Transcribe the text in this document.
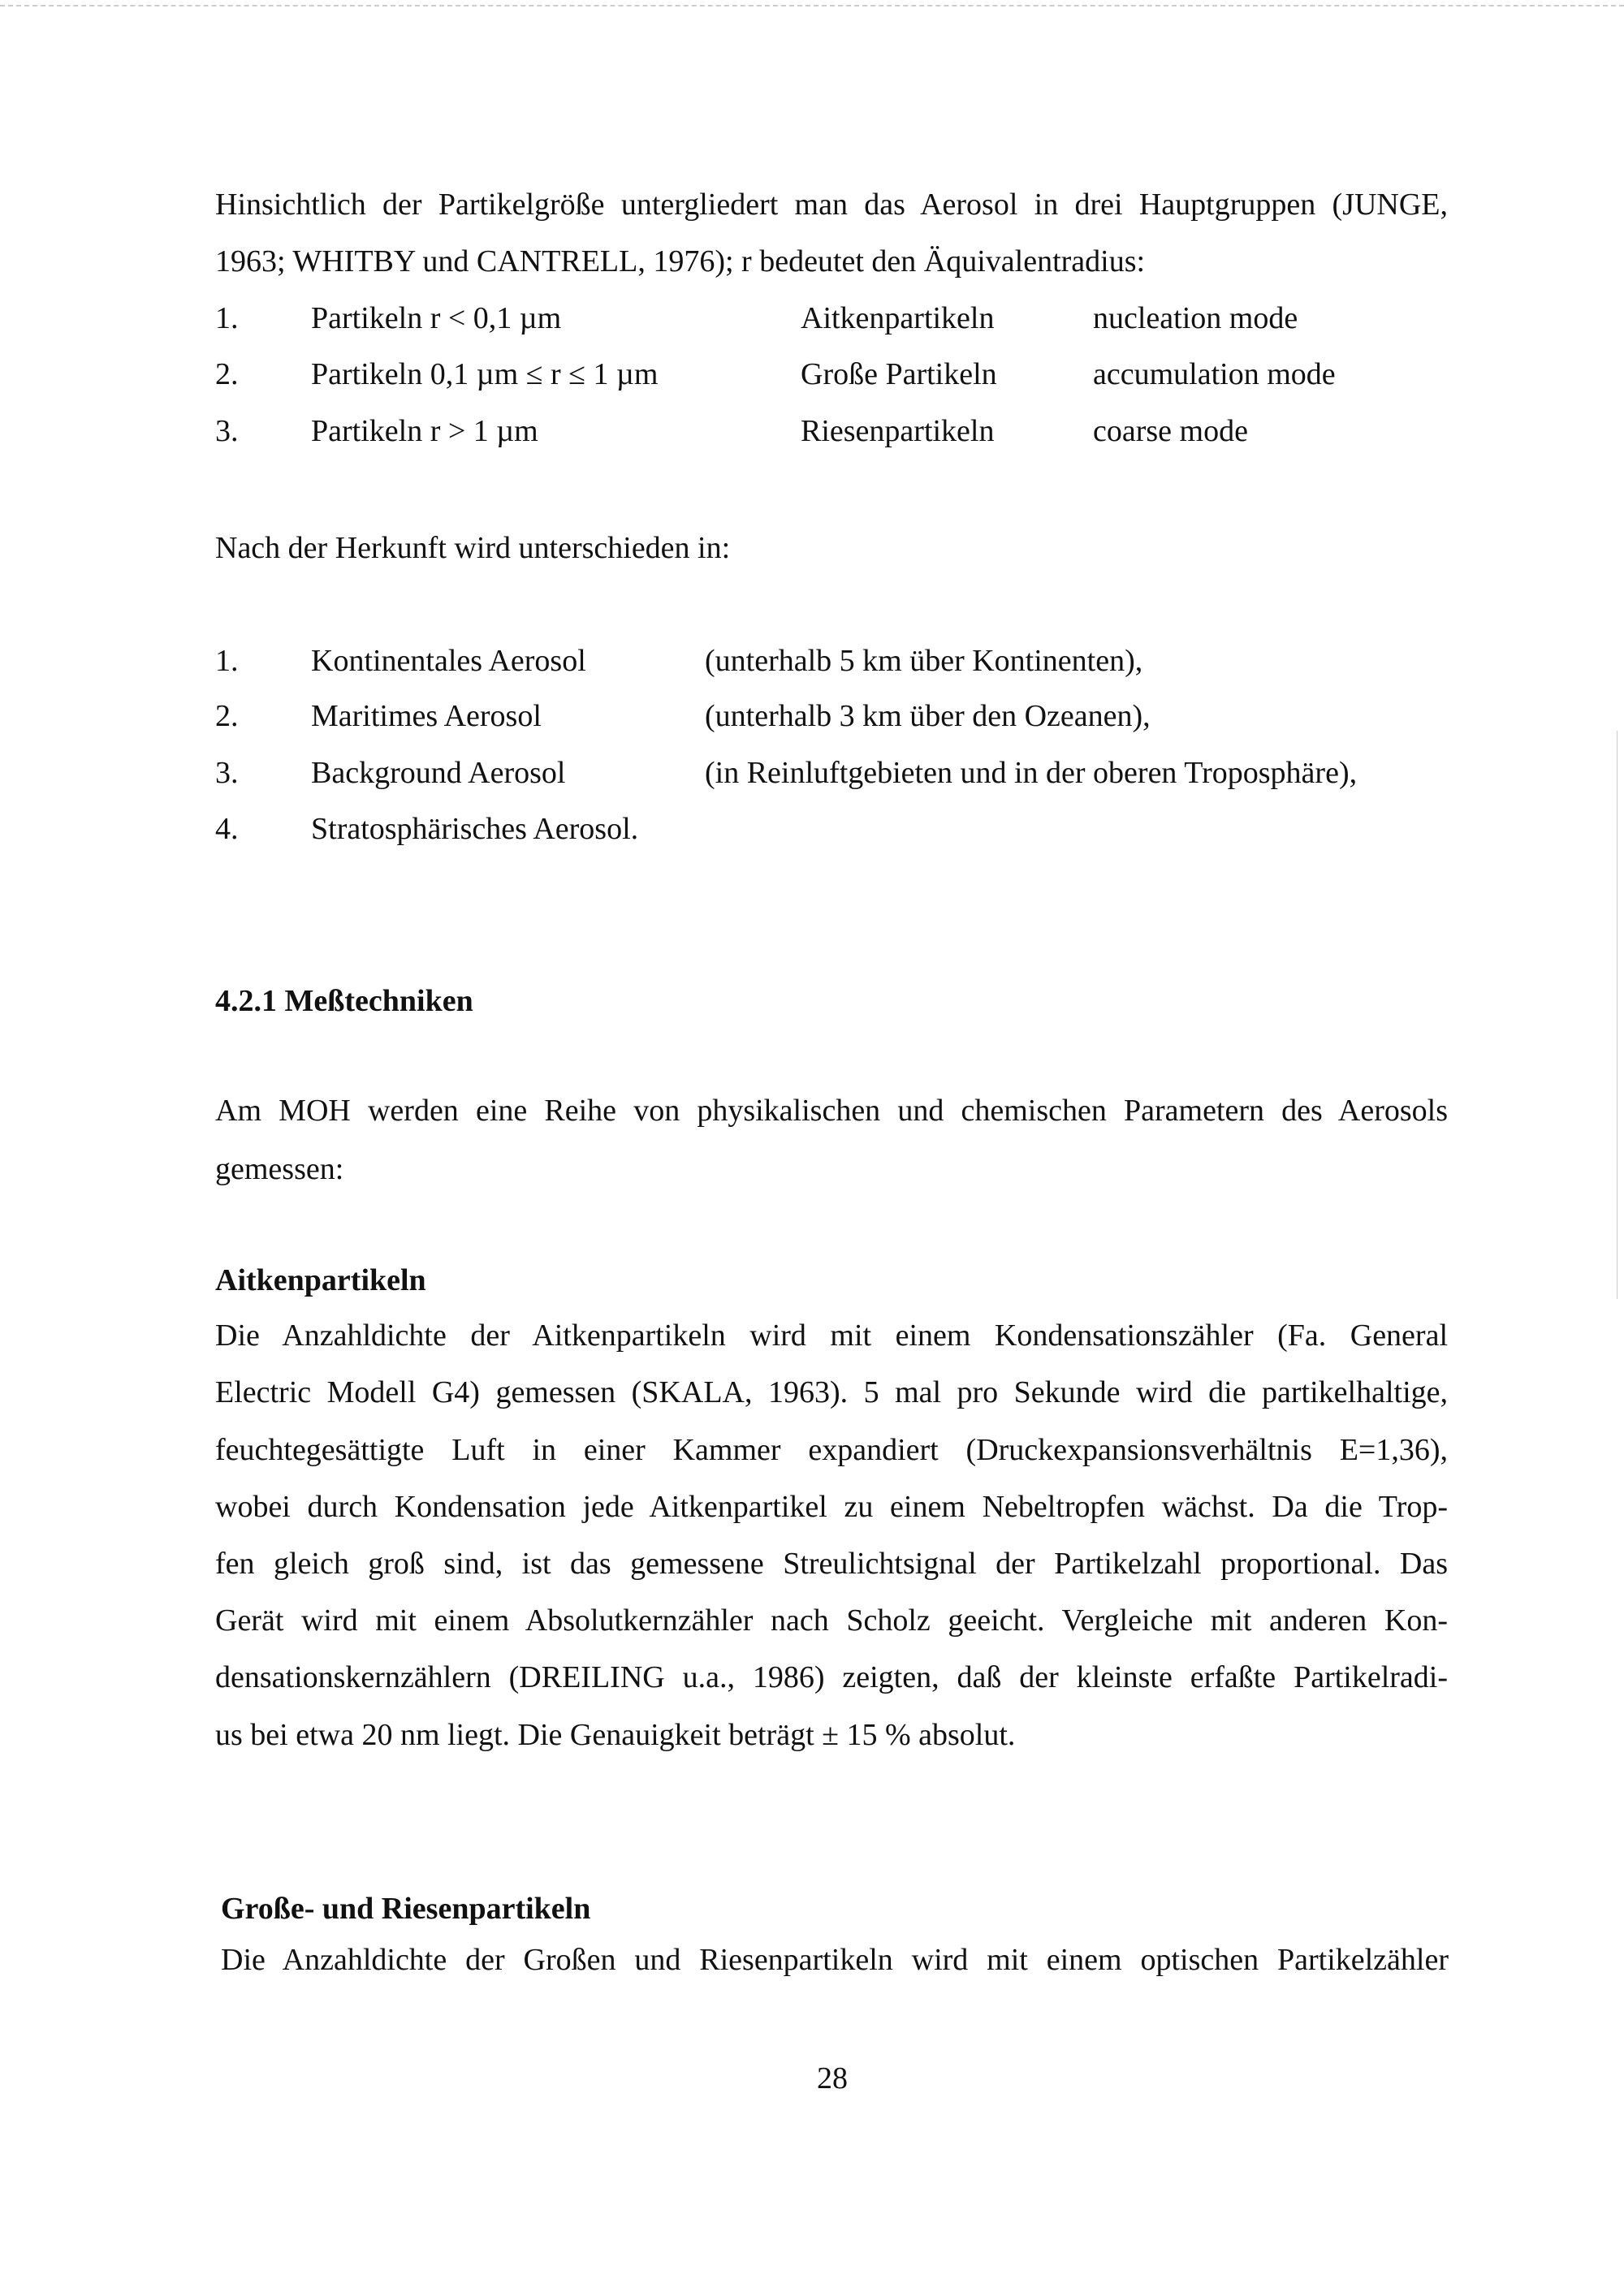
Hinsichtlich der Partikelgröße untergliedert man das Aerosol in drei Hauptgruppen (JUNGE,
1963; WHITBY und CANTRELL, 1976); r bedeutet den Äquivalentradius:
1. Partikeln r < 0,1 µm	Aitkenpartikeln	nucleation mode
2. Partikeln 0,1 µm ≤ r ≤ 1 µm	Große Partikeln	accumulation mode
3. Partikeln r > 1 µm	Riesenpartikeln	coarse mode
Nach der Herkunft wird unterschieden in:
1. Kontinentales Aerosol	(unterhalb 5 km über Kontinenten),
2. Maritimes Aerosol	(unterhalb 3 km über den Ozeanen),
3. Background Aerosol	(in Reinluftgebieten und in der oberen Troposphäre),
4. Stratosphärisches Aerosol.
4.2.1 Meßtechniken
Am MOH werden eine Reihe von physikalischen und chemischen Parametern des Aerosols
gemessen:
Aitkenpartikeln
Die Anzahldichte der Aitkenpartikeln wird mit einem Kondensationszähler (Fa. General
Electric Modell G4) gemessen (SKALA, 1963). 5 mal pro Sekunde wird die partikelhaltige,
feuchtegesättigte Luft in einer Kammer expandiert (Druckexpansionsverhältnis E=1,36),
wobei durch Kondensation jede Aitkenpartikel zu einem Nebeltropfen wächst. Da die Trop-
fen gleich groß sind, ist das gemessene Streulichtsignal der Partikelzahl proportional. Das
Gerät wird mit einem Absolutkernzähler nach Scholz geeicht. Vergleiche mit anderen Kon-
densationskernzählern (DREILING u.a., 1986) zeigten, daß der kleinste erfaßte Partikelradi-
us bei etwa 20 nm liegt. Die Genauigkeit beträgt ± 15 % absolut.
Große- und Riesenpartikeln
Die Anzahldichte der Großen und Riesenpartikeln wird mit einem optischen Partikelzähler
28
